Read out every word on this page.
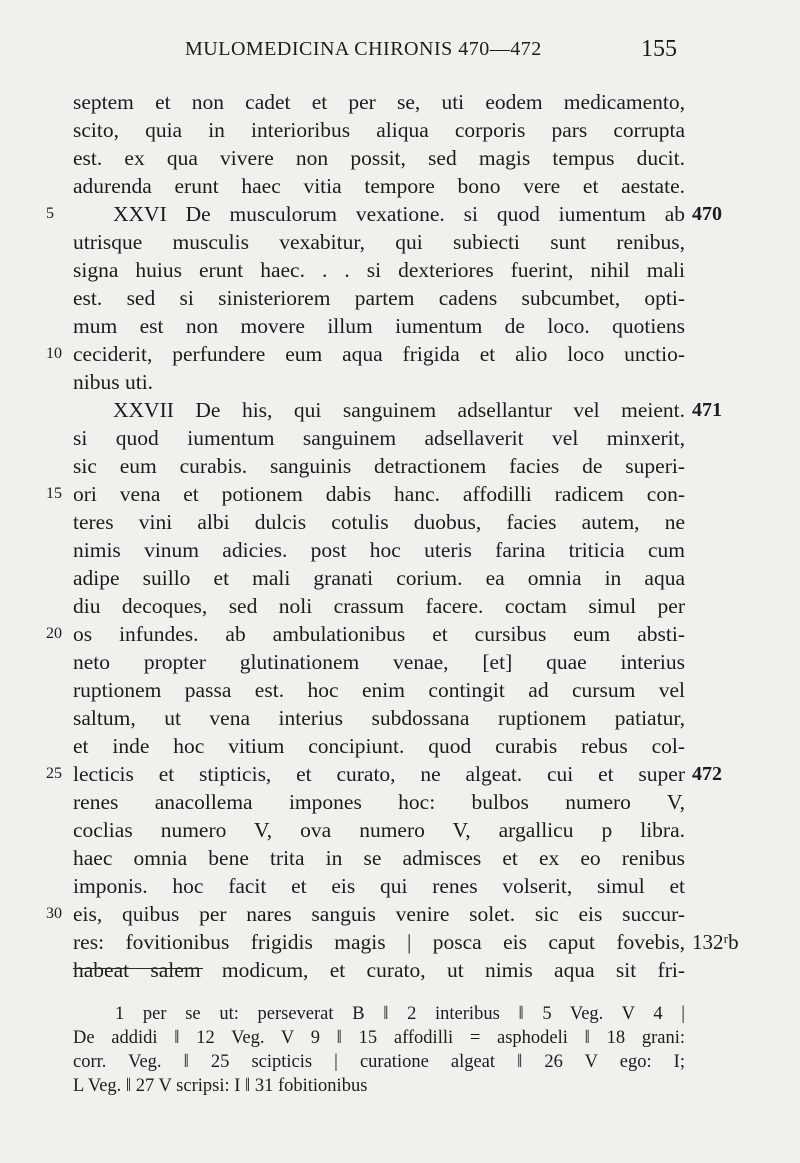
MULOMEDICINA CHIRONIS 470—472	155
septem et non cadet et per se, uti eodem medicamento,
scito, quia in interioribus aliqua corporis pars corrupta
est. ex qua vivere non possit, sed magis tempus ducit.
adurenda erunt haec vitia tempore bono vere et aestate.
5	XXVI De musculorum vexatione. si quod iumentum ab 470
utrisque musculis vexabitur, qui subiecti sunt renibus,
signa huius erunt haec. . . si dexteriores fuerint, nihil mali
est. sed si sinisteriorem partem cadens subcumbet, opti-
mum est non movere illum iumentum de loco. quotiens
10 ceciderit, perfundere eum aqua frigida et alio loco unctio-
nibus uti.
XXVII De his, qui sanguinem adsellantur vel meient. 471
si quod iumentum sanguinem adsellaverit vel minxerit,
sic eum curabis. sanguinis detractionem facies de superi-
15 ori vena et potionem dabis hanc. affodilli radicem con-
teres vini albi dulcis cotulis duobus, facies autem, ne
nimis vinum adicies. post hoc uteris farina triticia cum
adipe suillo et mali granati corium. ea omnia in aqua
diu decoques, sed noli crassum facere. coctam simul per
20 os infundes. ab ambulationibus et cursibus eum absti-
neto propter glutinationem venae, [et] quae interius
ruptionem passa est. hoc enim contingit ad cursum vel
saltum, ut vena interius subdossana ruptionem patiatur,
et inde hoc vitium concipiunt. quod curabis rebus col-
25 lecticis et stipticis, et curato, ne algeat. cui et super 472
renes anacollema impones hoc: bulbos numero V,
coclias numero V, ova numero V, argallicu p libra.
haec omnia bene trita in se admisces et ex eo renibus
imponis. hoc facit et eis qui renes volserit, simul et
30 eis, quibus per nares sanguis venire solet. sic eis succur-
res: fovitionibus frigidis magis | posca eis caput fovebis, 132ʳb
habeat salem modicum, et curato, ut nimis aqua sit fri-
1 per se ut: perseverat B ‖ 2 interibus ‖ 5 Veg. V 4 |
De addidi ‖ 12 Veg. V 9 ‖ 15 affodilli = asphodeli ‖ 18 grani:
corr. Veg. ‖ 25 scipticis | curatione algeat ‖ 26 V ego: I;
L Veg. ‖ 27 V scripsi: I ‖ 31 fobitionibus
